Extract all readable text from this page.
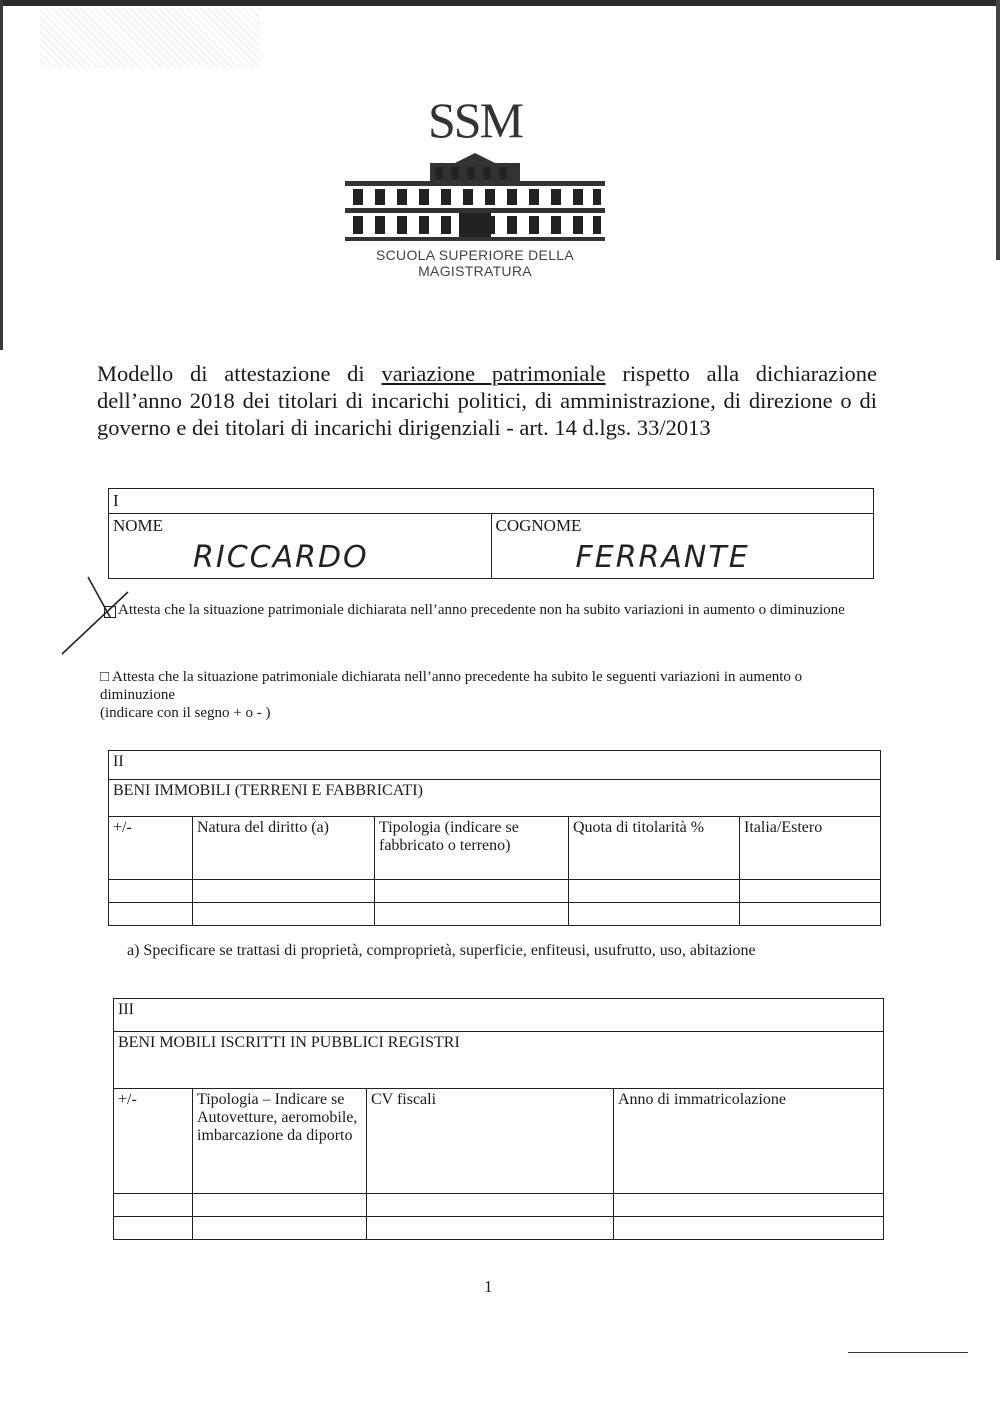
SSM
SCUOLA SUPERIORE DELLA MAGISTRATURA
Modello di attestazione di variazione patrimoniale rispetto alla dichiarazione dell’anno 2018 dei titolari di incarichi politici, di amministrazione, di direzione o di governo e dei titolari di incarichi dirigenziali - art. 14 d.lgs. 33/2013
I
NOME
RICCARDO
	COGNOME
FERRANTE
Attesta che la situazione patrimoniale dichiarata nell’anno precedente non ha subito variazioni in aumento o diminuzione
□ Attesta che la situazione patrimoniale dichiarata nell’anno precedente ha subito le seguenti variazioni in aumento o diminuzione
(indicare con il segno + o - )
II				
BENI IMMOBILI (TERRENI E FABBRICATI)				
+/-	Natura del diritto (a)	Tipologia (indicare se fabbricato o terreno)	Quota di titolarità %	Italia/Estero

a) Specificare se trattasi di proprietà, comproprietà, superficie, enfiteusi, usufrutto, uso, abitazione
III			
BENI MOBILI ISCRITTI IN PUBBLICI REGISTRI			
+/-	Tipologia – Indicare se Autovetture, aeromobile, imbarcazione da diporto	CV fiscali	Anno di immatricolazione

1
